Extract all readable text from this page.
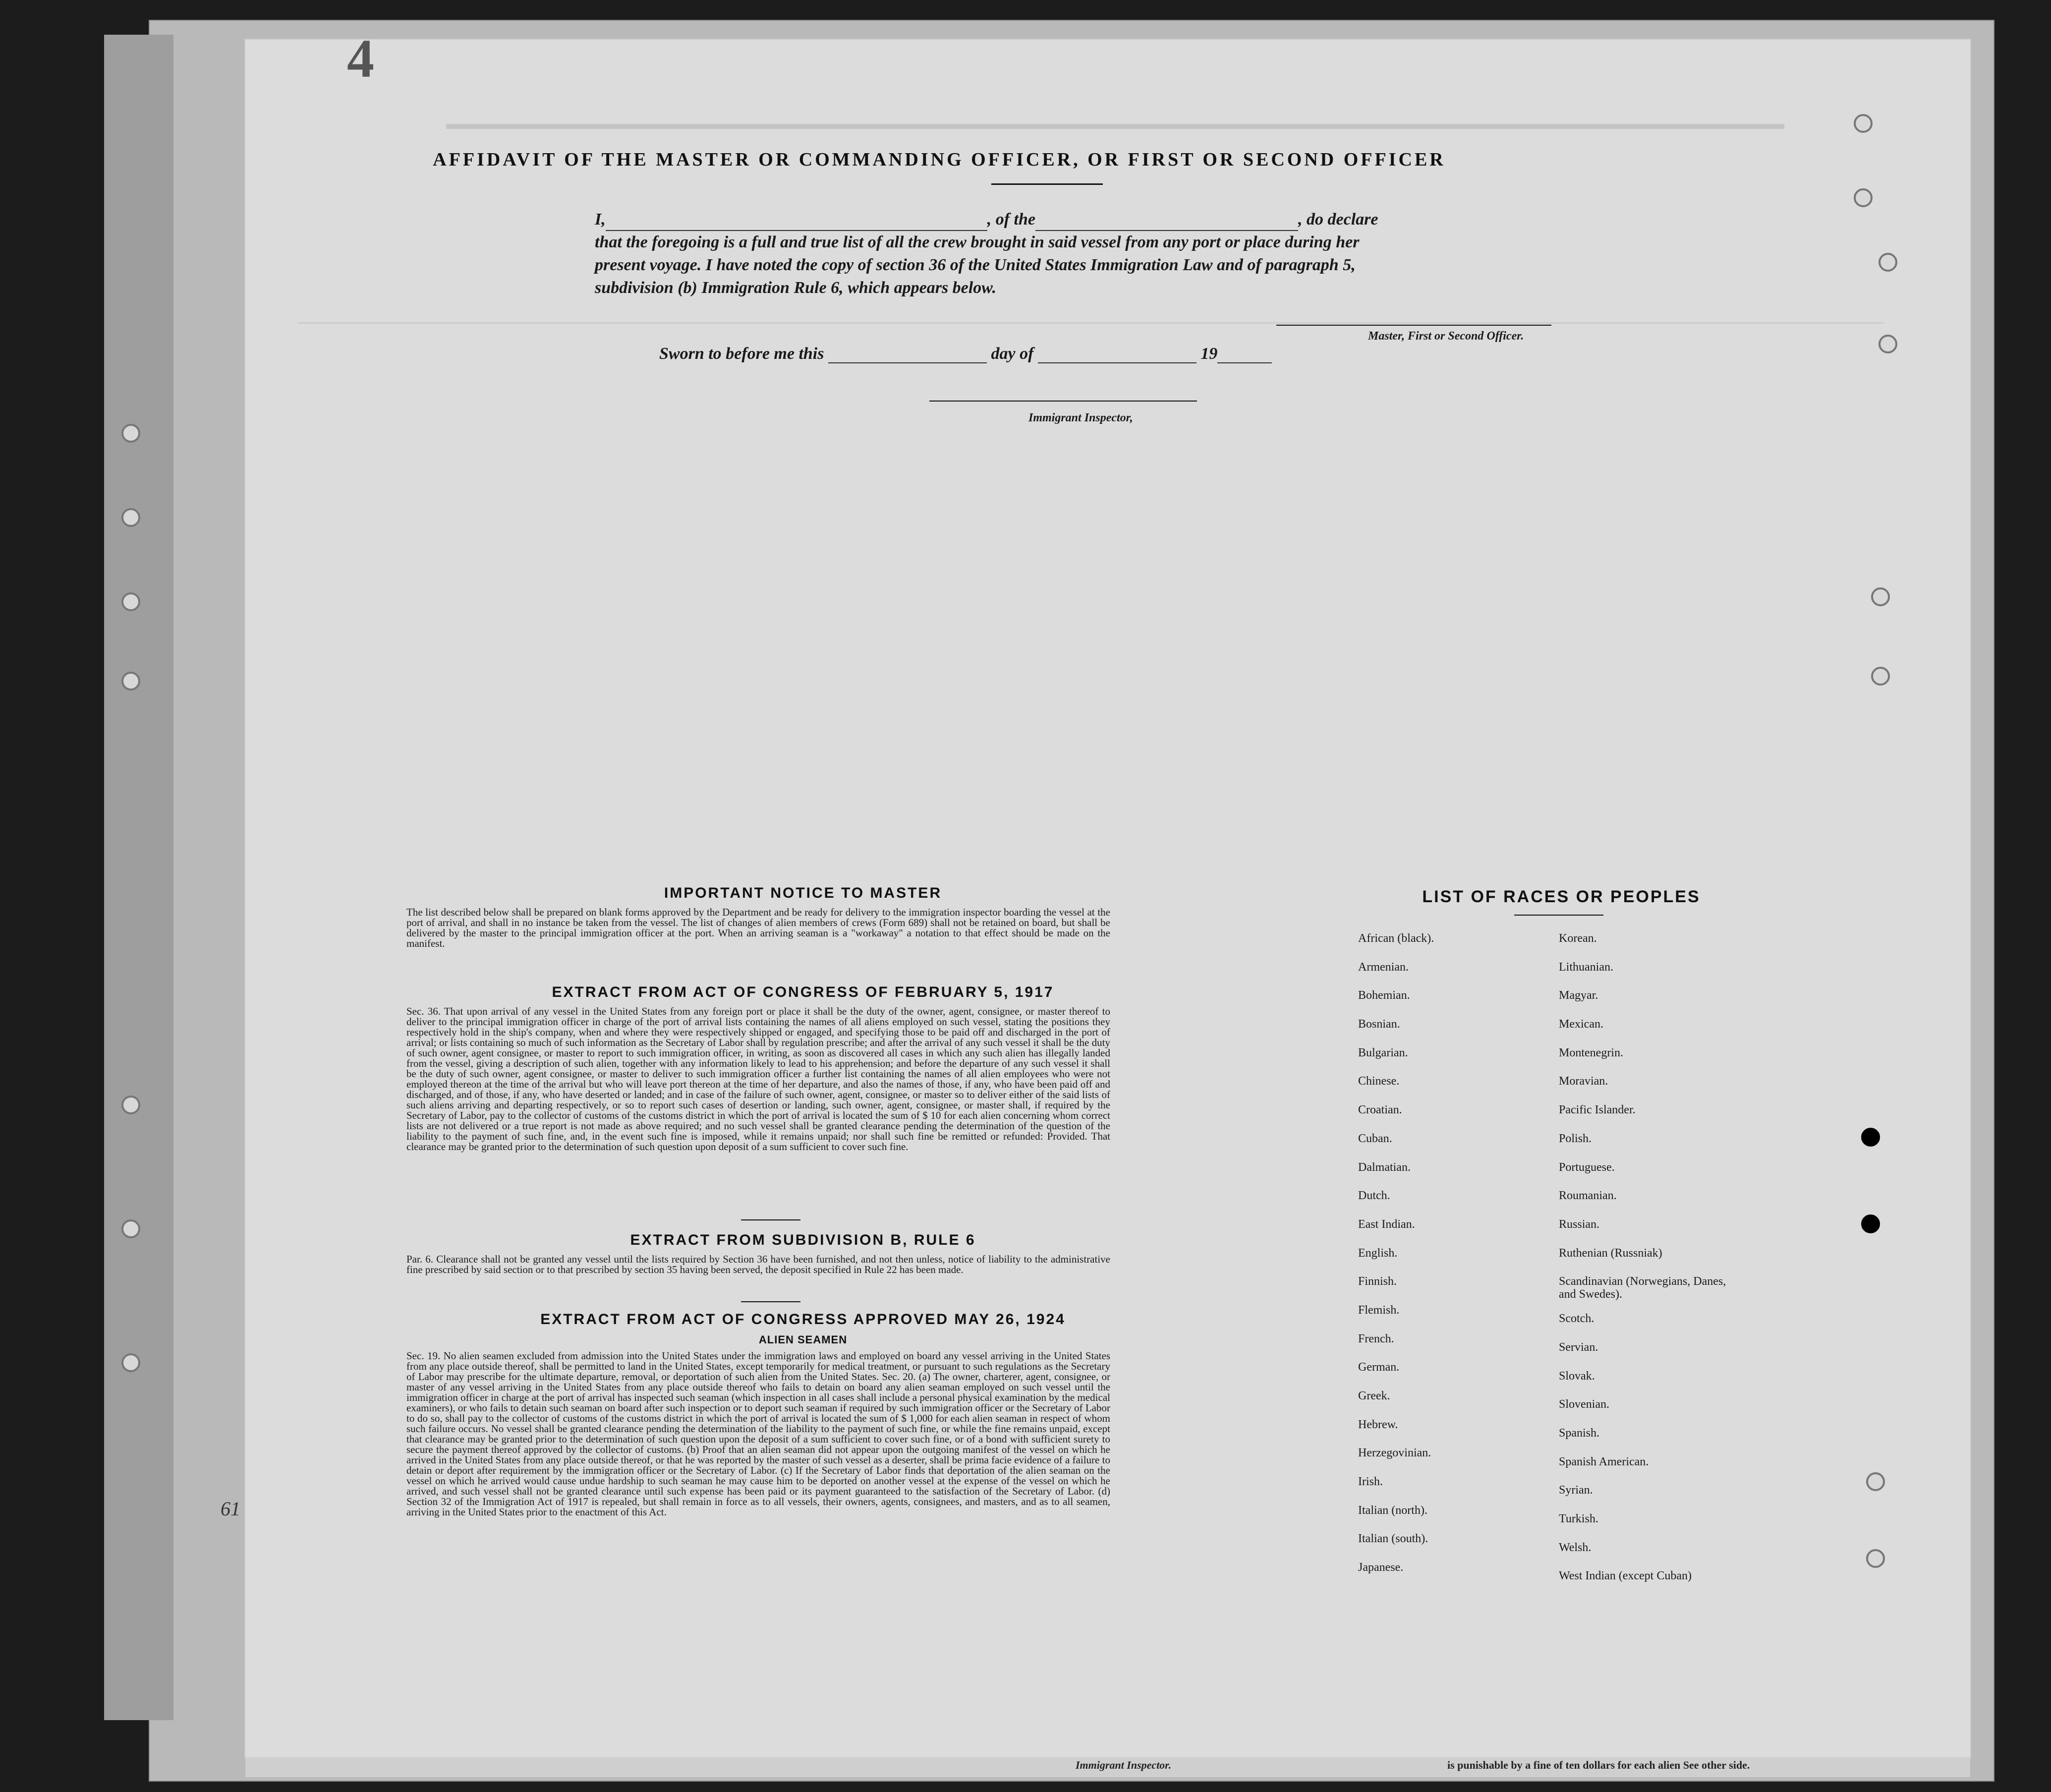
4
61
AFFIDAVIT OF THE MASTER OR COMMANDING OFFICER, OR FIRST OR SECOND OFFICER
I,	, of the	, do declare
that the foregoing is a full and true list of all the crew brought in said vessel from any port or place during her
present voyage. I have noted the copy of section 36 of the United States Immigration Law and of paragraph 5,
subdivision (b) Immigration Rule 6, which appears below.
Master, First or Second Officer.
Sworn to before me this	day of	19
Immigrant Inspector,
IMPORTANT NOTICE TO MASTER
The list described below shall be prepared on blank forms approved by the Department and be ready for delivery to the immigration inspector boarding the vessel at the port of arrival, and shall in no instance be taken from the vessel. The list of changes of alien members of crews (Form 689) shall not be retained on board, but shall be delivered by the master to the principal immigration officer at the port. When an arriving seaman is a "workaway" a notation to that effect should be made on the manifest.
EXTRACT FROM ACT OF CONGRESS OF FEBRUARY 5, 1917
Sec. 36. That upon arrival of any vessel in the United States from any foreign port or place it shall be the duty of the owner, agent, consignee, or master thereof to deliver to the principal immigration officer in charge of the port of arrival lists containing the names of all aliens employed on such vessel, stating the positions they respectively hold in the ship's company, when and where they were respectively shipped or engaged, and specifying those to be paid off and discharged in the port of arrival; or lists containing so much of such information as the Secretary of Labor shall by regulation prescribe; and after the arrival of any such vessel it shall be the duty of such owner, agent consignee, or master to report to such immigration officer, in writing, as soon as discovered all cases in which any such alien has illegally landed from the vessel, giving a description of such alien, together with any information likely to lead to his apprehension; and before the departure of any such vessel it shall be the duty of such owner, agent consignee, or master to deliver to such immigration officer a further list containing the names of all alien employees who were not employed thereon at the time of the arrival but who will leave port thereon at the time of her departure, and also the names of those, if any, who have been paid off and discharged, and of those, if any, who have deserted or landed; and in case of the failure of such owner, agent, consignee, or master so to deliver either of the said lists of such aliens arriving and departing respectively, or so to report such cases of desertion or landing, such owner, agent, consignee, or master shall, if required by the Secretary of Labor, pay to the collector of customs of the customs district in which the port of arrival is located the sum of $ 10 for each alien concerning whom correct lists are not delivered or a true report is not made as above required; and no such vessel shall be granted clearance pending the determination of the question of the liability to the payment of such fine, and, in the event such fine is imposed, while it remains unpaid; nor shall such fine be remitted or refunded: Provided. That clearance may be granted prior to the determination of such question upon deposit of a sum sufficient to cover such fine.
EXTRACT FROM SUBDIVISION B, RULE 6
Par. 6. Clearance shall not be granted any vessel until the lists required by Section 36 have been furnished, and not then unless, notice of liability to the administrative fine prescribed by said section or to that prescribed by section 35 having been served, the deposit specified in Rule 22 has been made.
EXTRACT FROM ACT OF CONGRESS APPROVED MAY 26, 1924
ALIEN SEAMEN
Sec. 19. No alien seamen excluded from admission into the United States under the immigration laws and employed on board any vessel arriving in the United States from any place outside thereof, shall be permitted to land in the United States, except temporarily for medical treatment, or pursuant to such regulations as the Secretary of Labor may prescribe for the ultimate departure, removal, or deportation of such alien from the United States. Sec. 20. (a) The owner, charterer, agent, consignee, or master of any vessel arriving in the United States from any place outside thereof who fails to detain on board any alien seaman employed on such vessel until the immigration officer in charge at the port of arrival has inspected such seaman (which inspection in all cases shall include a personal physical examination by the medical examiners), or who fails to detain such seaman on board after such inspection or to deport such seaman if required by such immigration officer or the Secretary of Labor to do so, shall pay to the collector of customs of the customs district in which the port of arrival is located the sum of $ 1,000 for each alien seaman in respect of whom such failure occurs. No vessel shall be granted clearance pending the determination of the liability to the payment of such fine, or while the fine remains unpaid, except that clearance may be granted prior to the determination of such question upon the deposit of a sum sufficient to cover such fine, or of a bond with sufficient surety to secure the payment thereof approved by the collector of customs. (b) Proof that an alien seaman did not appear upon the outgoing manifest of the vessel on which he arrived in the United States from any place outside thereof, or that he was reported by the master of such vessel as a deserter, shall be prima facie evidence of a failure to detain or deport after requirement by the immigration officer or the Secretary of Labor. (c) If the Secretary of Labor finds that deportation of the alien seaman on the vessel on which he arrived would cause undue hardship to such seaman he may cause him to be deported on another vessel at the expense of the vessel on which he arrived, and such vessel shall not be granted clearance until such expense has been paid or its payment guaranteed to the satisfaction of the Secretary of Labor. (d) Section 32 of the Immigration Act of 1917 is repealed, but shall remain in force as to all vessels, their owners, agents, consignees, and masters, and as to all seamen, arriving in the United States prior to the enactment of this Act.
LIST OF RACES OR PEOPLES
African (black).
Armenian.
Bohemian.
Bosnian.
Bulgarian.
Chinese.
Croatian.
Cuban.
Dalmatian.
Dutch.
East Indian.
English.
Finnish.
Flemish.
French.
German.
Greek.
Hebrew.
Herzegovinian.
Irish.
Italian (north).
Italian (south).
Japanese.
Korean.
Lithuanian.
Magyar.
Mexican.
Montenegrin.
Moravian.
Pacific Islander.
Polish.
Portuguese.
Roumanian.
Russian.
Ruthenian (Russniak)
Scandinavian (Norwegians, Danes, and Swedes).
Scotch.
Servian.
Slovak.
Slovenian.
Spanish.
Spanish American.
Syrian.
Turkish.
Welsh.
West Indian (except Cuban)
Immigrant Inspector.	is punishable by a fine of ten dollars for each alien See other side.
